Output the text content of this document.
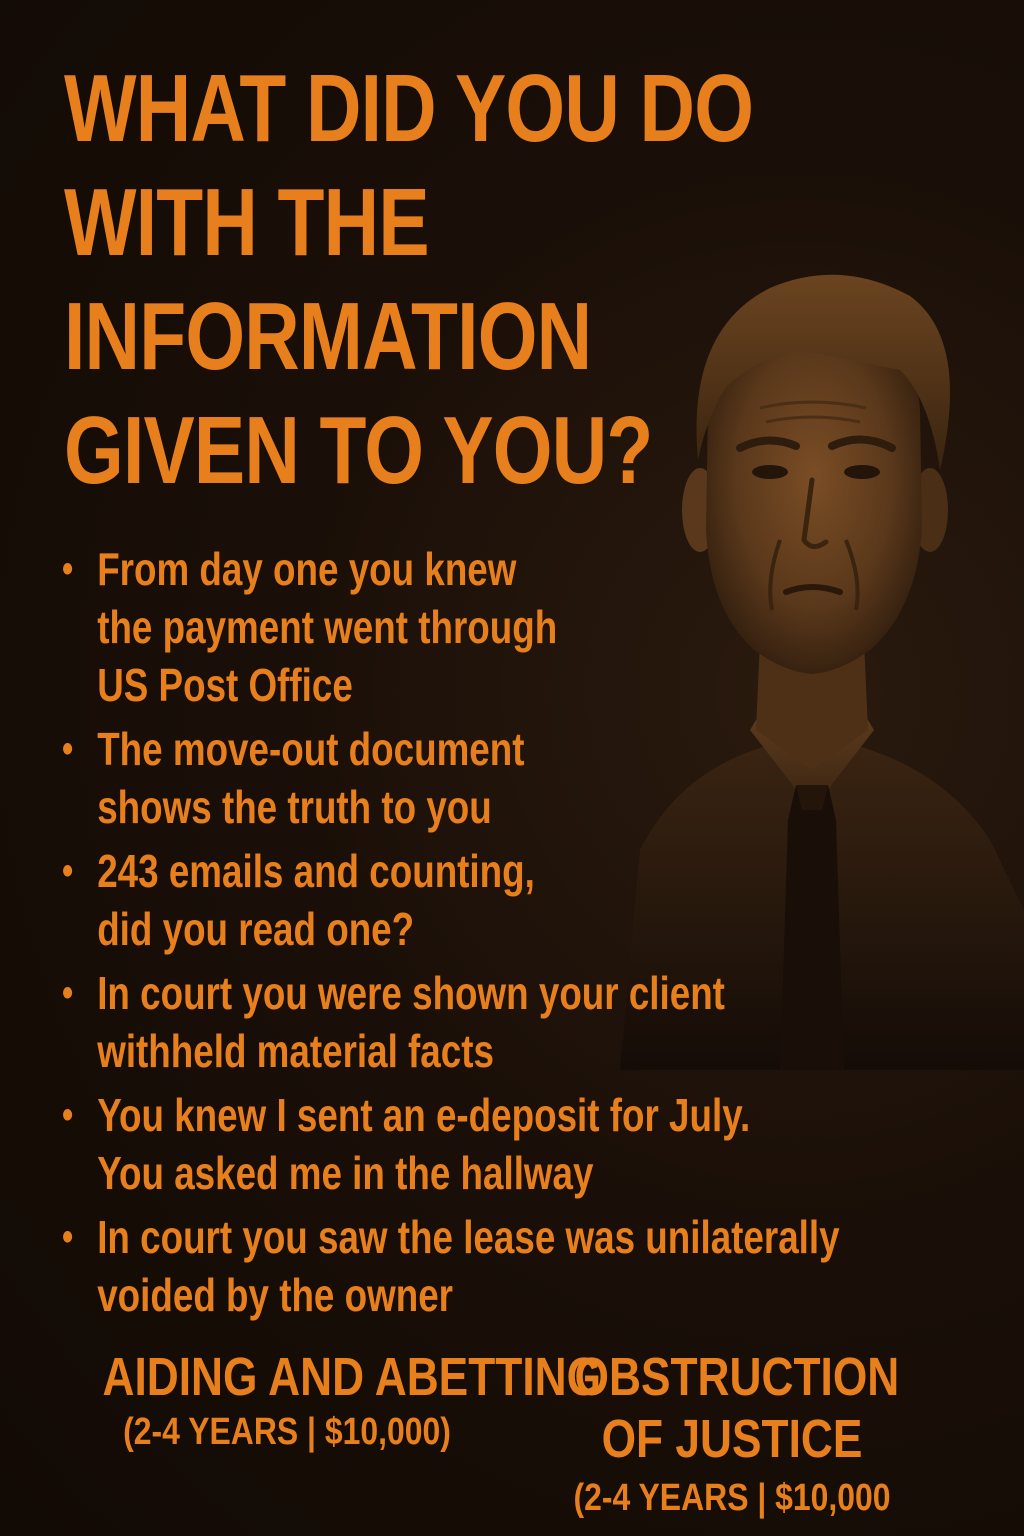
WHAT DID YOU DO
WITH THE
INFORMATION
GIVEN TO YOU?
• From day one you knew
the payment went through
US Post Office
• The move-out document
shows the truth to you
• 243 emails and counting,
did you read one?
• In court you were shown your client
withheld material facts
• You knew I sent an e-deposit for July.
You asked me in the hallway
• In court you saw the lease was unilaterally
voided by the owner
AIDING AND ABETTING
(2-4 YEARS | $10,000)
OBSTRUCTION
OF JUSTICE
(2-4 YEARS | $10,000
